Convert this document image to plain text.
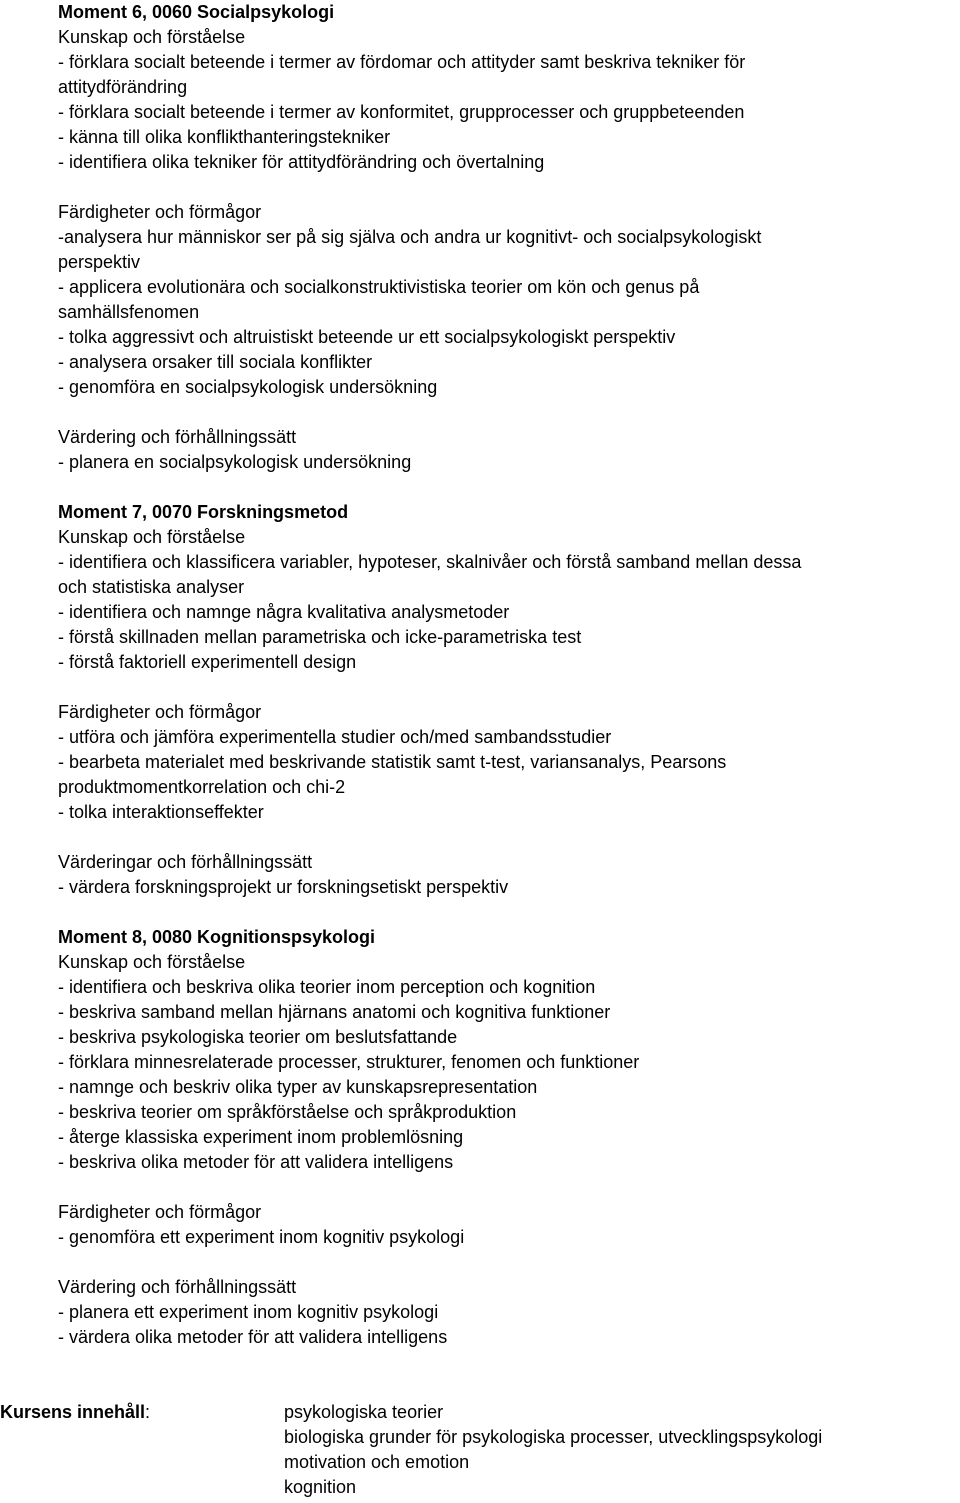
Moment 6, 0060 Socialpsykologi
Kunskap och förståelse
- förklara socialt beteende i termer av fördomar och attityder samt beskriva tekniker för
attitydförändring
- förklara socialt beteende i termer av konformitet, grupprocesser och gruppbeteenden
- känna till olika konflikthanteringstekniker
- identifiera olika tekniker för attitydförändring och övertalning
Färdigheter och förmågor
-analysera hur människor ser på sig själva och andra ur kognitivt- och socialpsykologiskt
perspektiv
- applicera evolutionära och socialkonstruktivistiska teorier om kön och genus på
samhällsfenomen
- tolka aggressivt och altruistiskt beteende ur ett socialpsykologiskt perspektiv
- analysera orsaker till sociala konflikter
- genomföra en socialpsykologisk undersökning
Värdering och förhållningssätt
- planera en socialpsykologisk undersökning
Moment 7, 0070 Forskningsmetod
Kunskap och förståelse
- identifiera och klassificera variabler, hypoteser, skalnivåer och förstå samband mellan dessa
och statistiska analyser
- identifiera och namnge några kvalitativa analysmetoder
- förstå skillnaden mellan parametriska och icke-parametriska test
- förstå faktoriell experimentell design
Färdigheter och förmågor
- utföra och jämföra experimentella studier och/med sambandsstudier
- bearbeta materialet med beskrivande statistik samt t-test, variansanalys, Pearsons
produktmomentkorrelation och chi-2
- tolka interaktionseffekter
Värderingar och förhållningssätt
- värdera forskningsprojekt ur forskningsetiskt perspektiv
Moment 8, 0080 Kognitionspsykologi
Kunskap och förståelse
- identifiera och beskriva olika teorier inom perception och kognition
- beskriva samband mellan hjärnans anatomi och kognitiva funktioner
- beskriva psykologiska teorier om beslutsfattande
- förklara minnesrelaterade processer, strukturer, fenomen och funktioner
- namnge och beskriv olika typer av kunskapsrepresentation
- beskriva teorier om språkförståelse och språkproduktion
- återge klassiska experiment inom problemlösning
- beskriva olika metoder för att validera intelligens
Färdigheter och förmågor
- genomföra ett experiment inom kognitiv psykologi
Värdering och förhållningssätt
- planera ett experiment inom kognitiv psykologi
- värdera olika metoder för att validera intelligens
Kursens innehåll:	psykologiska teorier
biologiska grunder för psykologiska processer, utvecklingspsykologi
motivation och emotion
kognition
